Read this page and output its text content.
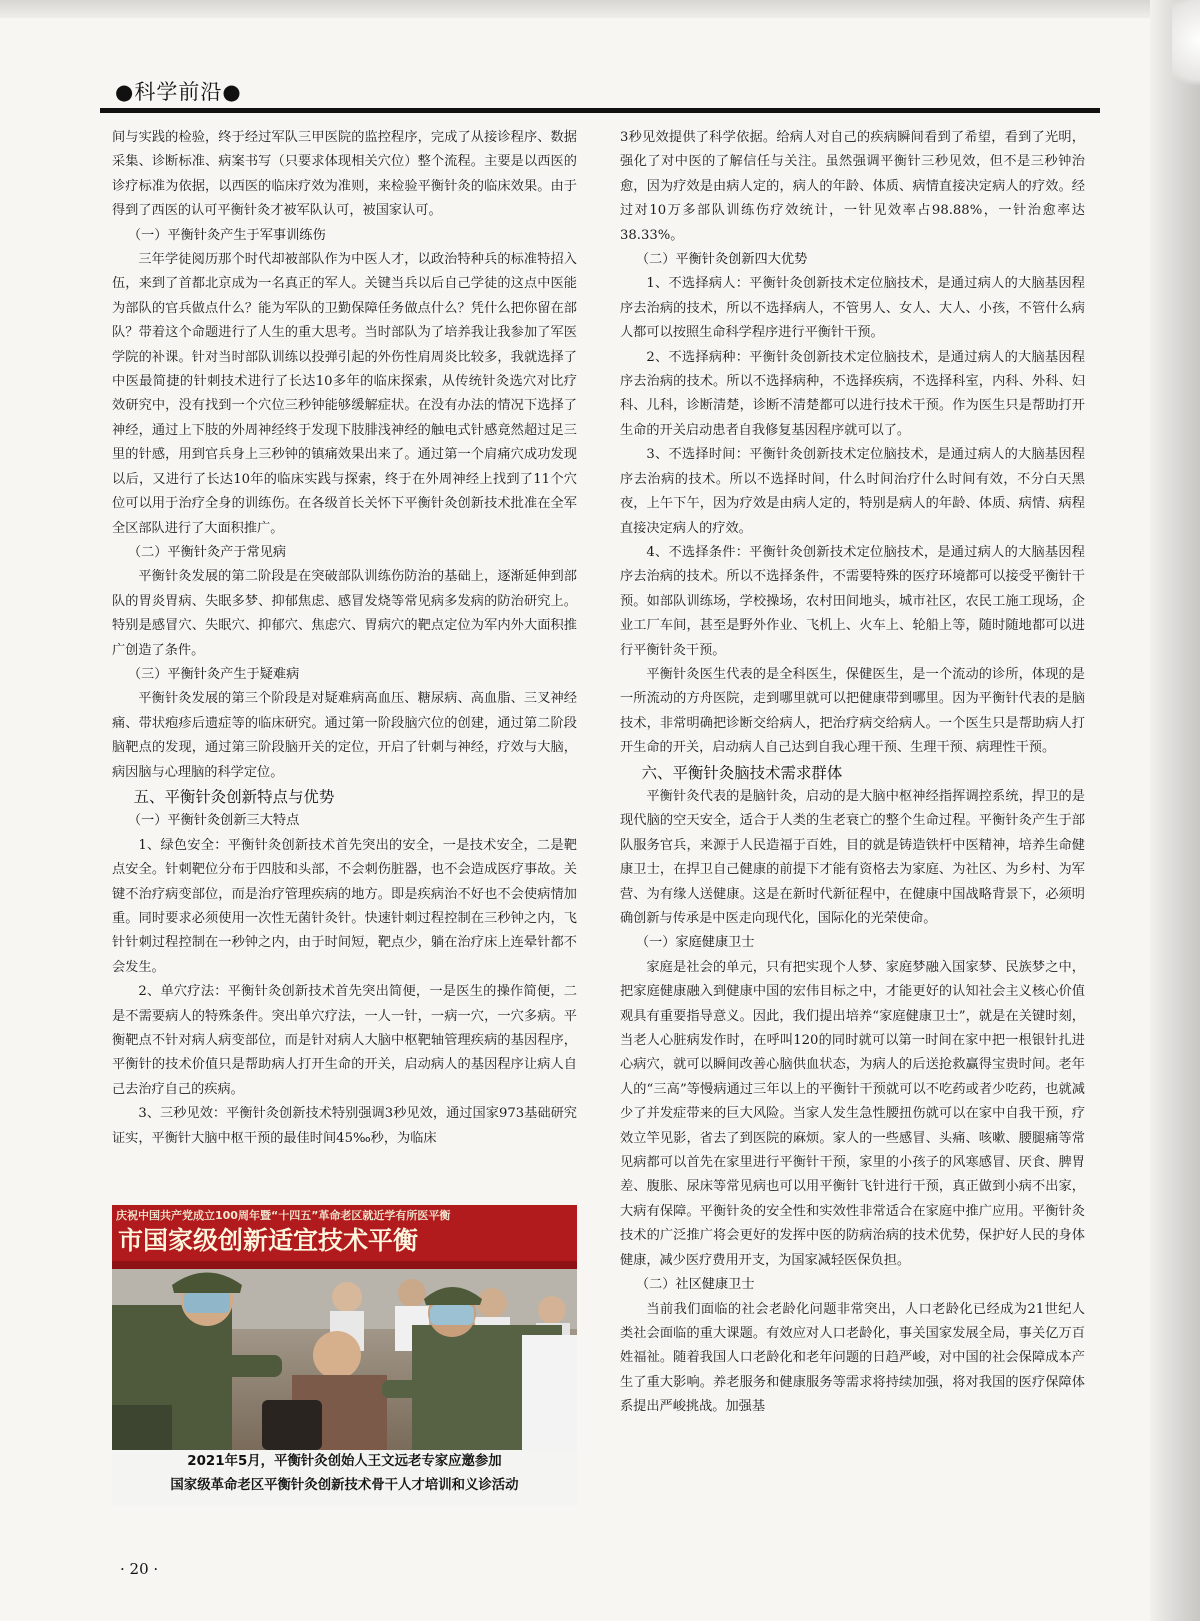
●科学前沿●

间与实践的检验，终于经过军队三甲医院的监控程序，完成了从接诊程序、数据采集、诊断标准、病案书写（只要求体现相关穴位）整个流程。主要是以西医的诊疗标准为依据，以西医的临床疗效为准则，来检验平衡针灸的临床效果。由于得到了西医的认可平衡针灸才被军队认可，被国家认可。

（一）平衡针灸产生于军事训练伤

三年学徒阅历那个时代却被部队作为中医人才，以政治特种兵的标准特招入伍，来到了首都北京成为一名真正的军人。关键当兵以后自己学徒的这点中医能为部队的官兵做点什么？能为军队的卫勤保障任务做点什么？凭什么把你留在部队？带着这个命题进行了人生的重大思考。当时部队为了培养我让我参加了军医学院的补课。针对当时部队训练以投弹引起的外伤性肩周炎比较多，我就选择了中医最简捷的针刺技术进行了长达10多年的临床探索，从传统针灸选穴对比疗效研究中，没有找到一个穴位三秒钟能够缓解症状。在没有办法的情况下选择了神经，通过上下肢的外周神经终于发现下肢腓浅神经的触电式针感竟然超过足三里的针感，用到官兵身上三秒钟的镇痛效果出来了。通过第一个肩痛穴成功发现以后，又进行了长达10年的临床实践与探索，终于在外周神经上找到了11个穴位可以用于治疗全身的训练伤。在各级首长关怀下平衡针灸创新技术批准在全军全区部队进行了大面积推广。

（二）平衡针灸产于常见病

平衡针灸发展的第二阶段是在突破部队训练伤防治的基础上，逐渐延伸到部队的胃炎胃病、失眠多梦、抑郁焦虑、感冒发烧等常见病多发病的防治研究上。特别是感冒穴、失眠穴、抑郁穴、焦虑穴、胃病穴的靶点定位为军内外大面积推广创造了条件。

（三）平衡针灸产生于疑难病

平衡针灸发展的第三个阶段是对疑难病高血压、糖尿病、高血脂、三叉神经痛、带状疱疹后遗症等的临床研究。通过第一阶段脑穴位的创建，通过第二阶段脑靶点的发现，通过第三阶段脑开关的定位，开启了针刺与神经，疗效与大脑，病因脑与心理脑的科学定位。

五、平衡针灸创新特点与优势
（一）平衡针灸创新三大特点

1、绿色安全：平衡针灸创新技术首先突出的安全，一是技术安全，二是靶点安全。针刺靶位分布于四肢和头部，不会刺伤脏器，也不会造成医疗事故。关键不治疗病变部位，而是治疗管理疾病的地方。即是疾病治不好也不会使病情加重。同时要求必须使用一次性无菌针灸针。快速针刺过程控制在三秒钟之内，飞针针刺过程控制在一秒钟之内，由于时间短，靶点少，躺在治疗床上连晕针都不会发生。

2、单穴疗法：平衡针灸创新技术首先突出简便，一是医生的操作简便，二是不需要病人的特殊条件。突出单穴疗法，一人一针，一病一穴，一穴多病。平衡靶点不针对病人病变部位，而是针对病人大脑中枢靶轴管理疾病的基因程序，平衡针的技术价值只是帮助病人打开生命的开关，启动病人的基因程序让病人自己去治疗自己的疾病。

3、三秒见效：平衡针灸创新技术特别强调3秒见效，通过国家973基础研究证实，平衡针大脑中枢干预的最佳时间45‰秒，为临床

3秒见效提供了科学依据。给病人对自己的疾病瞬间看到了希望，看到了光明，强化了对中医的了解信任与关注。虽然强调平衡针三秒见效，但不是三秒钟治愈，因为疗效是由病人定的，病人的年龄、体质、病情直接决定病人的疗效。经过对10万多部队训练伤疗效统计，一针见效率占98.88%，一针治愈率达38.33%。

（二）平衡针灸创新四大优势

1、不选择病人：平衡针灸创新技术定位脑技术，是通过病人的大脑基因程序去治病的技术，所以不选择病人，不管男人、女人、大人、小孩，不管什么病人都可以按照生命科学程序进行平衡针干预。

2、不选择病种：平衡针灸创新技术定位脑技术，是通过病人的大脑基因程序去治病的技术。所以不选择病种，不选择疾病，不选择科室，内科、外科、妇科、儿科，诊断清楚，诊断不清楚都可以进行技术干预。作为医生只是帮助打开生命的开关启动患者自我修复基因程序就可以了。

3、不选择时间：平衡针灸创新技术定位脑技术，是通过病人的大脑基因程序去治病的技术。所以不选择时间，什么时间治疗什么时间有效，不分白天黑夜，上午下午，因为疗效是由病人定的，特别是病人的年龄、体质、病情、病程直接决定病人的疗效。

4、不选择条件：平衡针灸创新技术定位脑技术，是通过病人的大脑基因程序去治病的技术。所以不选择条件，不需要特殊的医疗环境都可以接受平衡针干预。如部队训练场，学校操场，农村田间地头，城市社区，农民工施工现场，企业工厂车间，甚至是野外作业、飞机上、火车上、轮船上等，随时随地都可以进行平衡针灸干预。

平衡针灸医生代表的是全科医生，保健医生，是一个流动的诊所，体现的是一所流动的方舟医院，走到哪里就可以把健康带到哪里。因为平衡针代表的是脑技术，非常明确把诊断交给病人，把治疗病交给病人。一个医生只是帮助病人打开生命的开关，启动病人自己达到自我心理干预、生理干预、病理性干预。

六、平衡针灸脑技术需求群体

平衡针灸代表的是脑针灸，启动的是大脑中枢神经指挥调控系统，捍卫的是现代脑的空天安全，适合于人类的生老衰亡的整个生命过程。平衡针灸产生于部队服务官兵，来源于人民造福于百姓，目的就是铸造铁杆中医精神，培养生命健康卫士，在捍卫自己健康的前提下才能有资格去为家庭、为社区、为乡村、为军营、为有缘人送健康。这是在新时代新征程中，在健康中国战略背景下，必须明确创新与传承是中医走向现代化，国际化的光荣使命。

（一）家庭健康卫士

家庭是社会的单元，只有把实现个人梦、家庭梦融入国家梦、民族梦之中，把家庭健康融入到健康中国的宏伟目标之中，才能更好的认知社会主义核心价值观具有重要指导意义。因此，我们提出培养“家庭健康卫士”，就是在关键时刻，当老人心脏病发作时，在呼叫120的同时就可以第一时间在家中把一根银针扎进心病穴，就可以瞬间改善心脑供血状态，为病人的后送抢救赢得宝贵时间。老年人的“三高”等慢病通过三年以上的平衡针干预就可以不吃药或者少吃药，也就减少了并发症带来的巨大风险。当家人发生急性腰扭伤就可以在家中自我干预，疗效立竿见影，省去了到医院的麻烦。家人的一些感冒、头痛、咳嗽、腰腿痛等常见病都可以首先在家里进行平衡针干预，家里的小孩子的风寒感冒、厌食、脾胃差、腹胀、尿床等常见病也可以用平衡针飞针进行干预，真正做到小病不出家，大病有保障。平衡针灸的安全性和实效性非常适合在家庭中推广应用。平衡针灸技术的广泛推广将会更好的发挥中医的防病治病的技术优势，保护好人民的身体健康，减少医疗费用开支，为国家减轻医保负担。

（二）社区健康卫士

当前我们面临的社会老龄化问题非常突出，人口老龄化已经成为21世纪人类社会面临的重大课题。有效应对人口老龄化，事关国家发展全局，事关亿万百姓福祉。随着我国人口老龄化和老年问题的日趋严峻，对中国的社会保障成本产生了重大影响。养老服务和健康服务等需求将持续加强，将对我国的医疗保障体系提出严峻挑战。加强基

庆祝中国共产党成立100周年暨“十四五”革命老区就近学有所医平衡
市国家级创新适宜技术平衡
2021年5月，平衡针灸创始人王文远老专家应邀参加
国家级革命老区平衡针灸创新技术骨干人才培训和义诊活动
· 20 ·
